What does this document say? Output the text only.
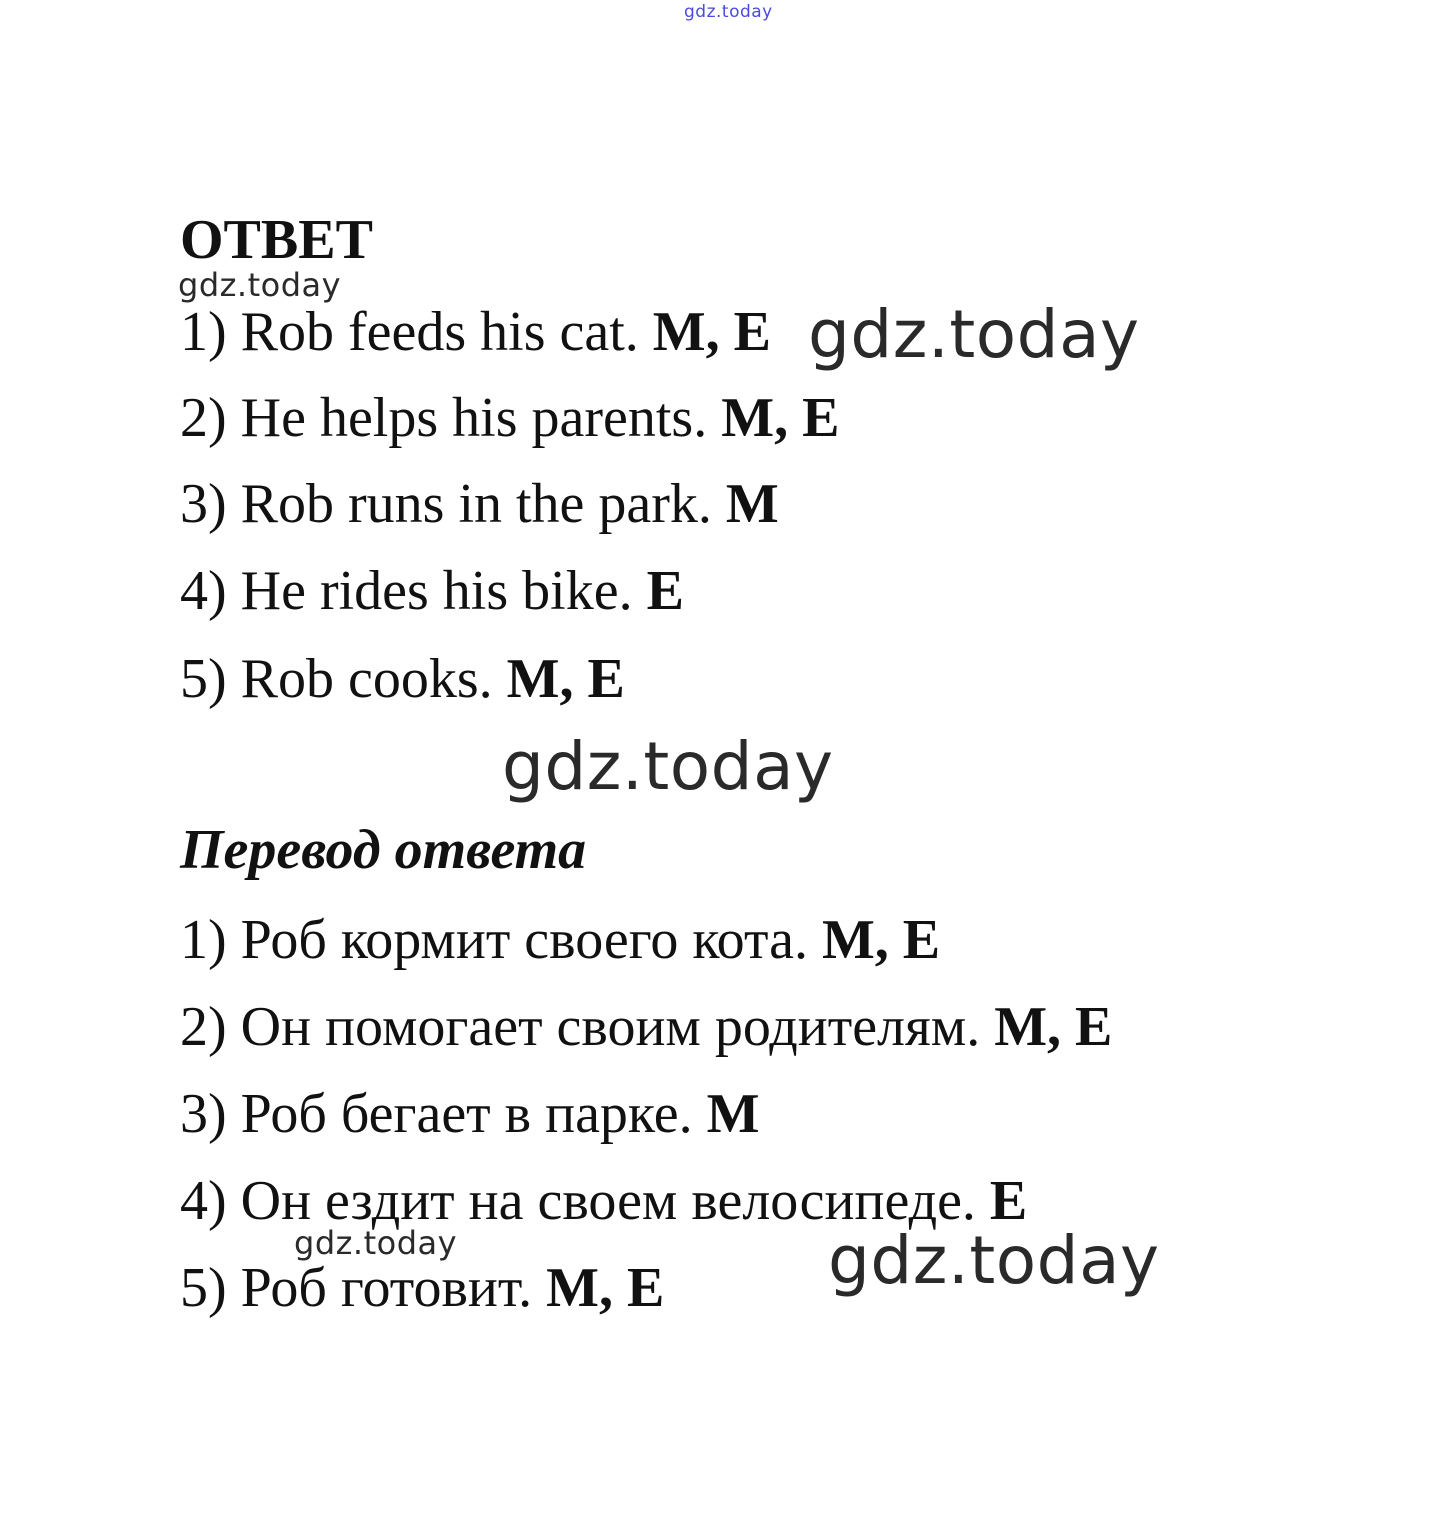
gdz.today
ОТВЕТ
gdz.today
1) Rob feeds his cat. M, E gdz.today
2) He helps his parents. M, E
3) Rob runs in the park. M
4) He rides his bike. E
5) Rob cooks. M, E
gdz.today
Перевод ответа
1) Роб кормит своего кота. M, E
2) Он помогает своим родителям. M, E
3) Роб бегает в парке. M
4) Он ездит на своем велосипеде. E
gdz.today	gdz.today
5) Роб готовит. M, E
